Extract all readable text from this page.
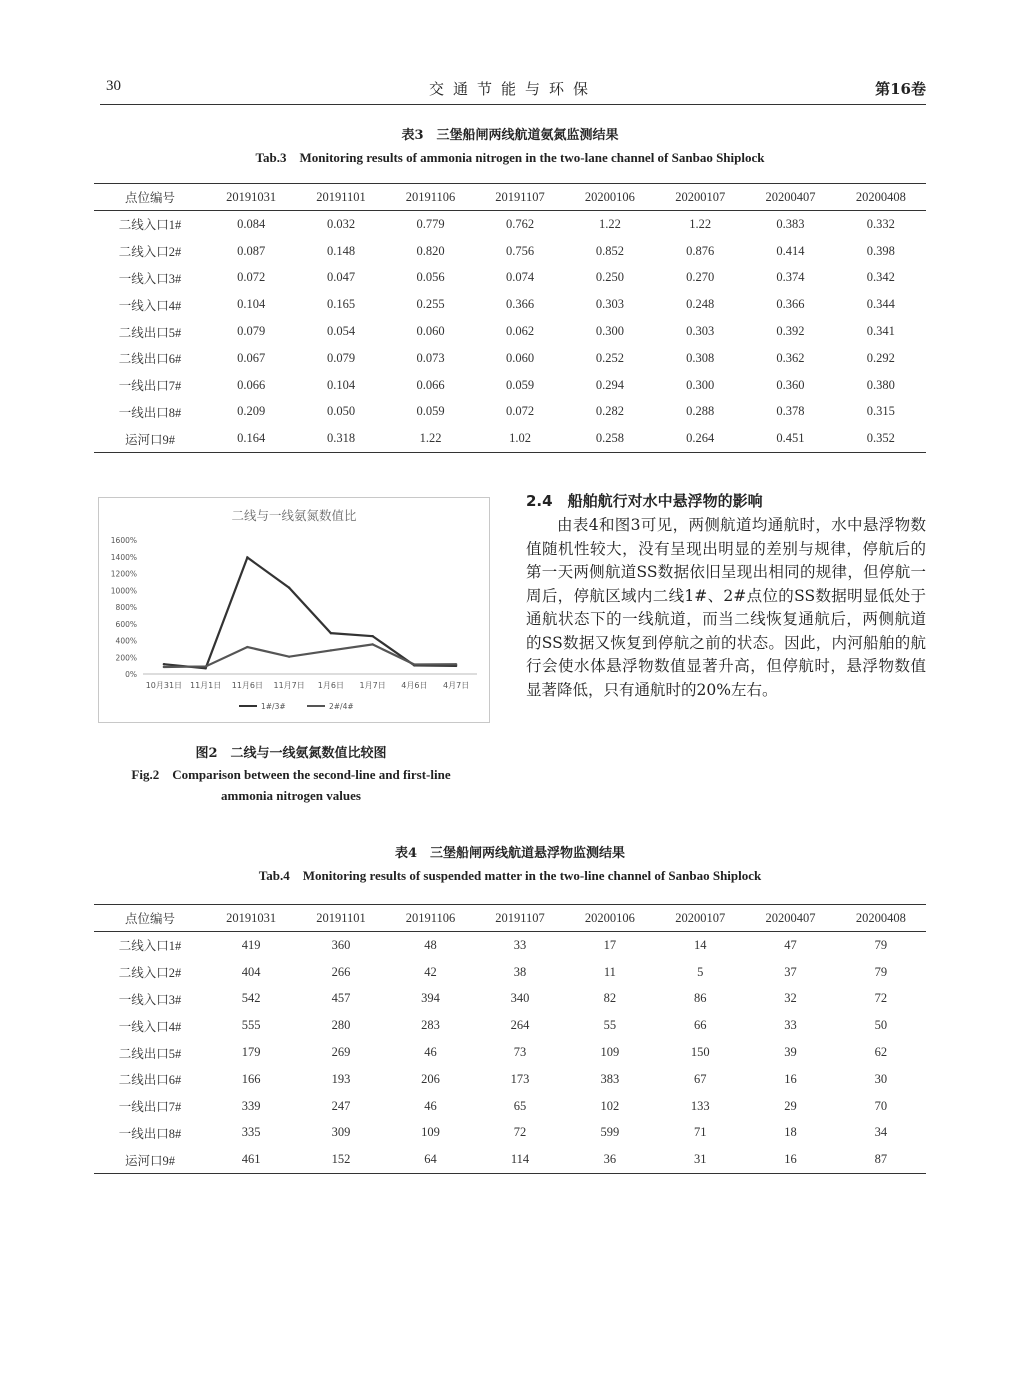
30	交通节能与环保	第16卷
表3　三堡船闸两线航道氨氮监测结果
Tab.3　Monitoring results of ammonia nitrogen in the two-lane channel of Sanbao Shiplock
点位编号	20191031	20191101	20191106	20191107	20200106	20200107	20200407	20200408
二线入口1#	0.084	0.032	0.779	0.762	1.22	1.22	0.383	0.332
二线入口2#	0.087	0.148	0.820	0.756	0.852	0.876	0.414	0.398
一线入口3#	0.072	0.047	0.056	0.074	0.250	0.270	0.374	0.342
一线入口4#	0.104	0.165	0.255	0.366	0.303	0.248	0.366	0.344
二线出口5#	0.079	0.054	0.060	0.062	0.300	0.303	0.392	0.341
二线出口6#	0.067	0.079	0.073	0.060	0.252	0.308	0.362	0.292
一线出口7#	0.066	0.104	0.066	0.059	0.294	0.300	0.360	0.380
一线出口8#	0.209	0.050	0.059	0.072	0.282	0.288	0.378	0.315
运河口9#	0.164	0.318	1.22	1.02	0.258	0.264	0.451	0.352
二线与一线氨氮数值比
0%
200%
400%
600%
800%
1000%
1200%
1400%
1600%
10月31日 11月1日 11月6日 11月7日 1月6日 1月7日 4月6日 4月7日
1#/3#	2#/4#
图2　二线与一线氨氮数值比较图
Fig.2　Comparison between the second-line and first-line
ammonia nitrogen values
2.4　船舶航行对水中悬浮物的影响
由表4和图3可见，两侧航道均通航时，水中悬浮物数值随机性较大，没有呈现出明显的差别与规律，停航后的第一天两侧航道SS数据依旧呈现出相同的规律，但停航一周后，停航区域内二线1#、2#点位的SS数据明显低处于通航状态下的一线航道，而当二线恢复通航后，两侧航道的SS数据又恢复到停航之前的状态。因此，内河船舶的航行会使水体悬浮物数值显著升高，但停航时，悬浮物数值显著降低，只有通航时的20%左右。
表4　三堡船闸两线航道悬浮物监测结果
Tab.4　Monitoring results of suspended matter in the two-line channel of Sanbao Shiplock
点位编号	20191031	20191101	20191106	20191107	20200106	20200107	20200407	20200408
二线入口1#	419	360	48	33	17	14	47	79
二线入口2#	404	266	42	38	11	5	37	79
一线入口3#	542	457	394	340	82	86	32	72
一线入口4#	555	280	283	264	55	66	33	50
二线出口5#	179	269	46	73	109	150	39	62
二线出口6#	166	193	206	173	383	67	16	30
一线出口7#	339	247	46	65	102	133	29	70
一线出口8#	335	309	109	72	599	71	18	34
运河口9#	461	152	64	114	36	31	16	87
